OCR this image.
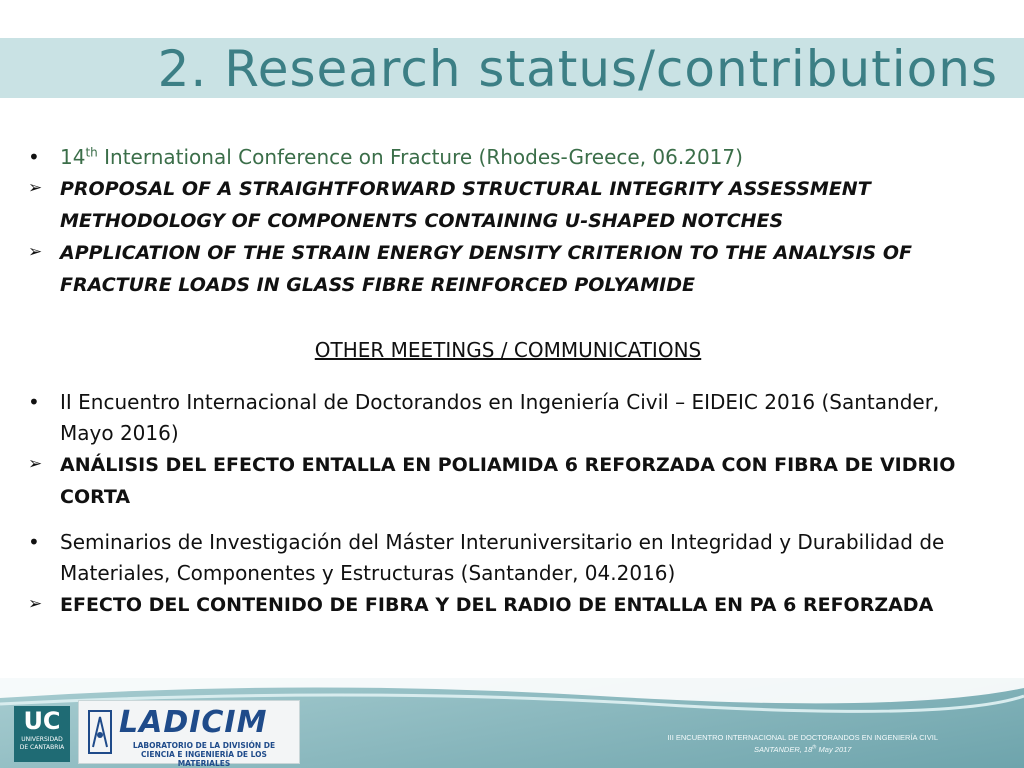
2. Research status/contributions
•	14th International Conference on Fracture (Rhodes-Greece, 06.2017)
➢ PROPOSAL OF A STRAIGHTFORWARD STRUCTURAL INTEGRITY ASSESSMENT
METHODOLOGY OF COMPONENTS CONTAINING U-SHAPED NOTCHES
➢ APPLICATION OF THE STRAIN ENERGY DENSITY CRITERION TO THE ANALYSIS OF
FRACTURE LOADS IN GLASS FIBRE REINFORCED POLYAMIDE
OTHER MEETINGS / COMMUNICATIONS
•	II Encuentro Internacional de Doctorandos en Ingeniería Civil – EIDEIC 2016 (Santander,
Mayo 2016)
➢ ANÁLISIS DEL EFECTO ENTALLA EN POLIAMIDA 6 REFORZADA CON FIBRA DE VIDRIO
CORTA
•	Seminarios de Investigación del Máster Interuniversitario en Integridad y Durabilidad de
Materiales, Componentes y Estructuras (Santander, 04.2016)
➢ EFECTO DEL CONTENIDO DE FIBRA Y DEL RADIO DE ENTALLA EN PA 6 REFORZADA
UC
UNIVERSIDAD
DE CANTABRIA
LADICIM
LABORATORIO DE LA DIVISIÓN DE
CIENCIA E INGENIERÍA DE LOS MATERIALES
III ENCUENTRO INTERNACIONAL DE DOCTORANDOS EN INGENIERÍA CIVIL
SANTANDER, 18th May 2017
